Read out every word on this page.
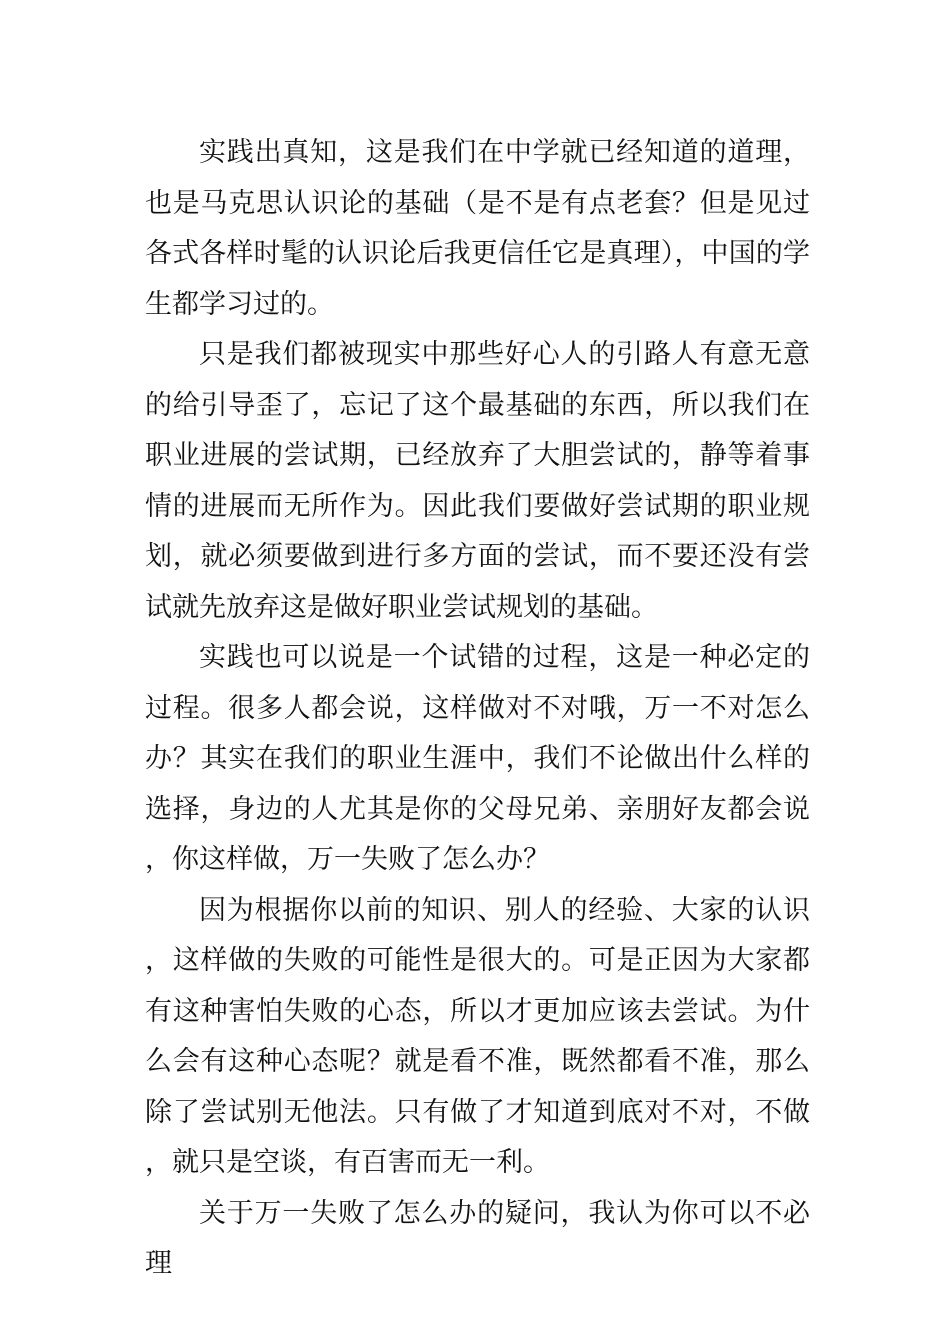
实践出真知，这是我们在中学就已经知道的道理，也是马克思认识论的基础（是不是有点老套？但是见过各式各样时髦的认识论后我更信任它是真理），中国的学生都学习过的。

只是我们都被现实中那些好心人的引路人有意无意的给引导歪了，忘记了这个最基础的东西，所以我们在职业进展的尝试期，已经放弃了大胆尝试的，静等着事情的进展而无所作为。因此我们要做好尝试期的职业规划，就必须要做到进行多方面的尝试，而不要还没有尝试就先放弃这是做好职业尝试规划的基础。

实践也可以说是一个试错的过程，这是一种必定的过程。很多人都会说，这样做对不对哦，万一不对怎么办？其实在我们的职业生涯中，我们不论做出什么样的选择，身边的人尤其是你的父母兄弟、亲朋好友都会说，你这样做，万一失败了怎么办？

因为根据你以前的知识、别人的经验、大家的认识，这样做的失败的可能性是很大的。可是正因为大家都有这种害怕失败的心态，所以才更加应该去尝试。为什么会有这种心态呢？就是看不准，既然都看不准，那么除了尝试别无他法。只有做了才知道到底对不对，不做，就只是空谈，有百害而无一利。

关于万一失败了怎么办的疑问，我认为你可以不必理
